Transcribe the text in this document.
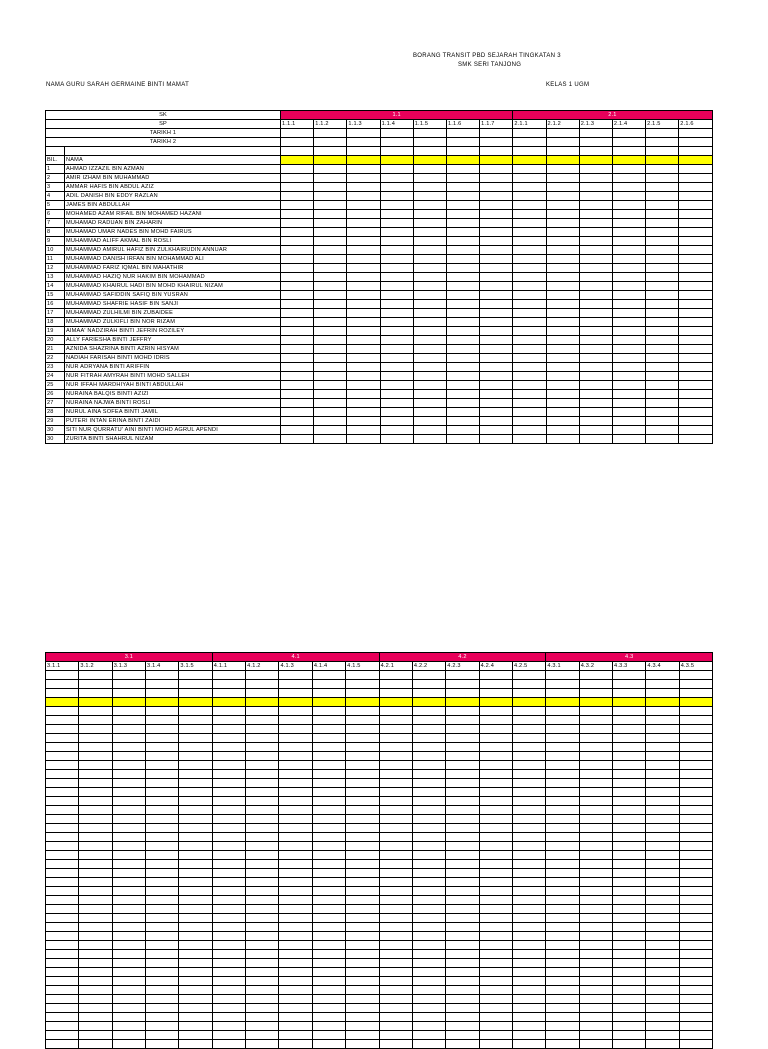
BORANG TRANSIT PBD SEJARAH TINGKATAN 3
SMK SERI TANJONG
NAMA GURU SARAH GERMAINE BINTI MAMAT	KELAS 1 UGM
SK		1.1							2.1					
SP		1.1.1	1.1.2	1.1.3	1.1.4	1.1.5	1.1.6	1.1.7	2.1.1	2.1.2	2.1.3	2.1.4	2.1.5	2.1.6
TARIKH 1														
TARIKH 2														

BIL.	NAMA													
1	AHMAD IZZAZIL BIN AZMAN													
2	AMIR IZHAM BIN MUHAMMAD													
3	AMMAR HAFIS BIN ABDUL AZIZ													
4	ADIL DANISH BIN EDDY RAZLAN													
5	JAMES BIN ABDULLAH													
6	MOHAMED AZAM RIFAIL BIN MOHAMED HAZANI													
7	MUHAMAD RADUAN BIN ZAHARIN													
8	MUHAMAD UMAR NADES BIN MOHD FAIRUS													
9	MUHAMMAD ALIFF AKMAL BIN ROSLI													
10	MUHAMMAD AMIRUL HAFIZ BIN ZULKHAIRUDIN ANNUAR													
11	MUHAMMAD DANISH IRFAN BIN MOHAMMAD ALI													
12	MUHAMMAD FARIZ IQMAL BIN MAHATHIR													
13	MUHAMMAD HAZIQ NUR HAKIM BIN MOHAMMAD													
14	MUHAMMAD KHAIRUL HADI BIN MOHD KHAIRUL NIZAM													
15	MUHAMMAD SAFIDDIN SAFIQ BIN YUSRAN													
16	MUHAMMAD SHAFRIE HASIF BIN SANJI													
17	MUHAMMAD ZULHILMI BIN ZUBAIDEE													
18	MUHAMMAD ZULKIFLI BIN NOR RIZAM													
19	AIMAA' NADZIRAH BINTI JEFRIN ROZILEY													
20	ALLY FARIESHA BINTI JEFFRY													
21	AZNIDA SHAZRINA BINTI AZRIN HISYAM													
22	NADIAH FARISAH BINTI MOHD IDRIS													
23	NUR ADRYANA BINTI ARIFFIN													
24	NUR FITRAH AMYRAH BINTI MOHD SALLEH													
25	NUR IFFAH MARDHIYAH BINTI ABDULLAH													
26	NURAINA BALQIS BINTI AZIZI													
27	NURAINA NAJWA BINTI ROSLI													
28	NURUL AINA SOFEA BINTI JAMIL													
29	PUTERI INTAN ERINA BINTI ZAIDI													
30	SITI NUR QURRATU' AINI BINTI MOHD AGRUL APENDI													
30	ZURITA BINTI SHAHRUL NIZAM													
3.1					4.1					4.2					4.3				
3.1.1	3.1.2	3.1.3	3.1.4	3.1.5	4.1.1	4.1.2	4.1.3	4.1.4	4.1.5	4.2.1	4.2.2	4.2.3	4.2.4	4.2.5	4.3.1	4.3.2	4.3.3	4.3.4	4.3.5
